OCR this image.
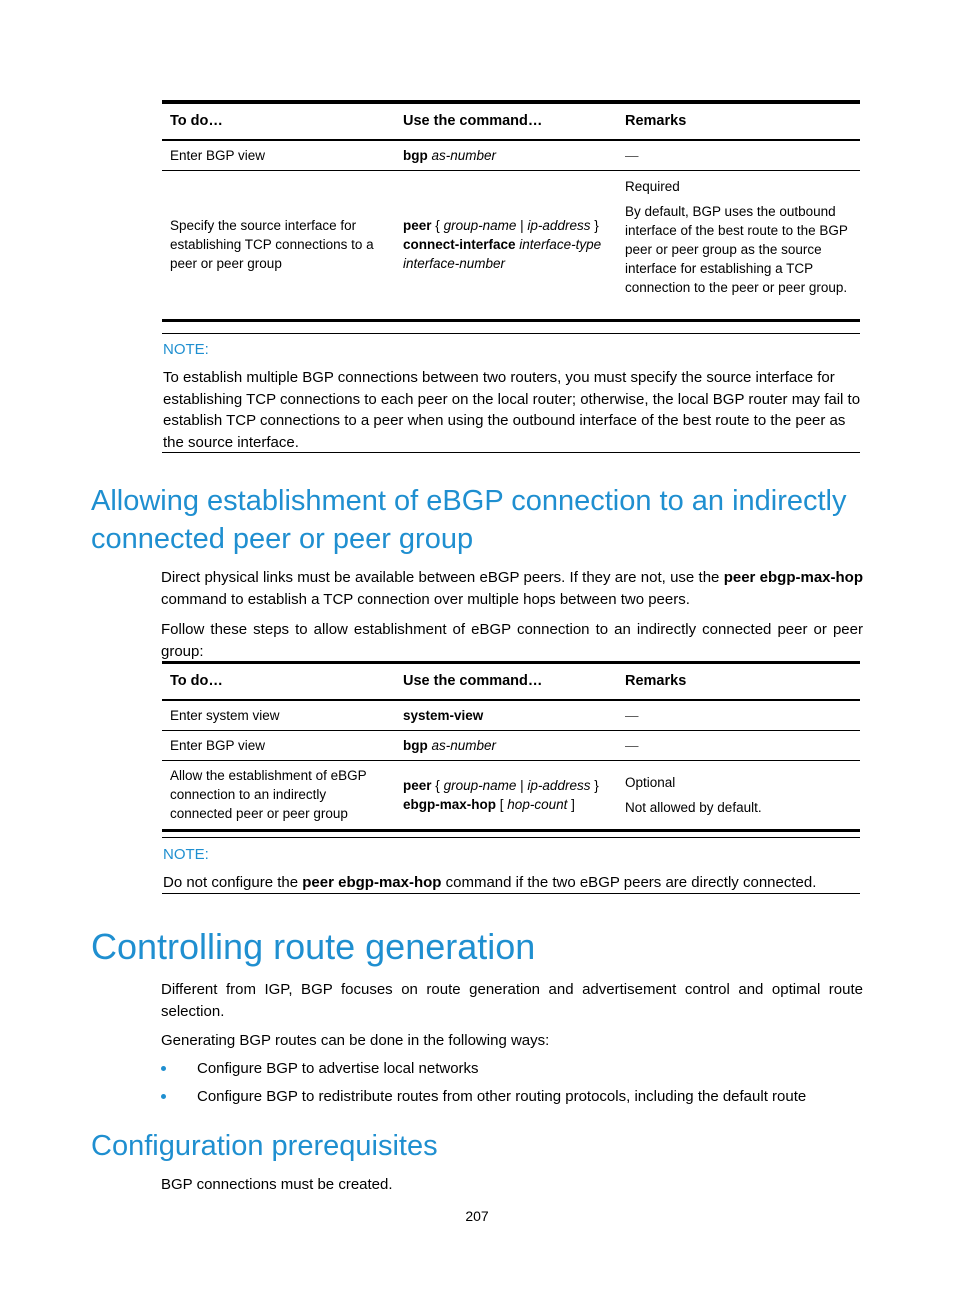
To do…	Use the command…	Remarks
Enter BGP view	bgp as-number	—
Specify the source interface for establishing TCP connections to a peer or peer group	peer { group-name | ip-address } connect-interface interface-type interface-number	Required
By default, BGP uses the outbound interface of the best route to the BGP peer or peer group as the source interface for establishing a TCP connection to the peer or peer group.
NOTE:
To establish multiple BGP connections between two routers, you must specify the source interface for establishing TCP connections to each peer on the local router; otherwise, the local BGP router may fail to establish TCP connections to a peer when using the outbound interface of the best route to the peer as the source interface.
Allowing establishment of eBGP connection to an indirectly connected peer or peer group
Direct physical links must be available between eBGP peers. If they are not, use the peer ebgp-max-hop command to establish a TCP connection over multiple hops between two peers.
Follow these steps to allow establishment of eBGP connection to an indirectly connected peer or peer group:
To do…	Use the command…	Remarks
Enter system view	system-view	—
Enter BGP view	bgp as-number	—
Allow the establishment of eBGP connection to an indirectly connected peer or peer group	peer { group-name | ip-address } ebgp-max-hop [ hop-count ]	Optional
Not allowed by default.
NOTE:
Do not configure the peer ebgp-max-hop command if the two eBGP peers are directly connected.
Controlling route generation
Different from IGP, BGP focuses on route generation and advertisement control and optimal route selection.
Generating BGP routes can be done in the following ways:
Configure BGP to advertise local networks
Configure BGP to redistribute routes from other routing protocols, including the default route
Configuration prerequisites
BGP connections must be created.
207
